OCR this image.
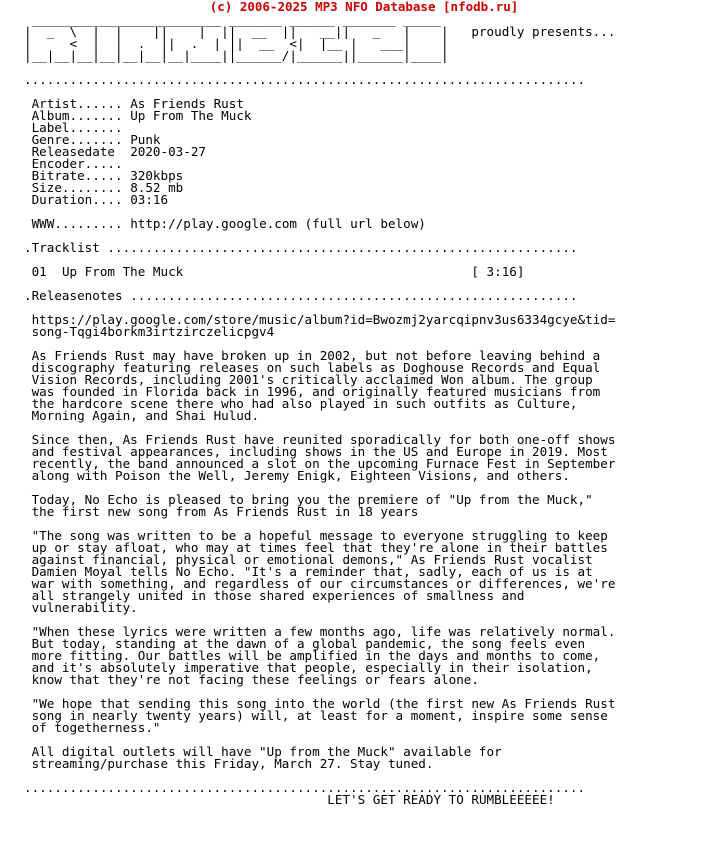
(c) 2006-2025 MP3 NFO Database [nfodb.ru]
_________________________ _______ ______ _______ _____
|  _  \  |  |    ||    |  ||  __  ||   __||   _   |    | proudly presents...
|     <  |  |  .  ||  .  | ||  __  <|  |__ |   ___|    |
|__|__|__|__|__|__|__|____||______/|______||______|____|
..........................................................................
Artist...... As Friends Rust
Album....... Up From The Muck
Label.......
Genre....... Punk
Releasedate  2020-03-27
Encoder.....
Bitrate..... 320kbps
Size........ 8.52 mb
Duration.... 03:16
WWW......... http://play.google.com (full url below)
.Tracklist ..............................................................
01 Up From The Muck	[ 3:16]
.Releasenotes ...........................................................
https://play.google.com/store/music/album?id=Bwozmj2yarcqipnv3us6334gcye&tid=
song-Tqgi4borkm3irtzirczelicpgv4
As Friends Rust may have broken up in 2002, but not before leaving behind a
discography featuring releases on such labels as Doghouse Records and Equal
Vision Records, including 2001's critically acclaimed Won album. The group
was founded in Florida back in 1996, and originally featured musicians from
the hardcore scene there who had also played in such outfits as Culture,
Morning Again, and Shai Hulud.
Since then, As Friends Rust have reunited sporadically for both one-off shows
and festival appearances, including shows in the US and Europe in 2019. Most
recently, the band announced a slot on the upcoming Furnace Fest in September
along with Poison the Well, Jeremy Enigk, Eighteen Visions, and others.
Today, No Echo is pleased to bring you the premiere of "Up from the Muck,"
the first new song from As Friends Rust in 18 years
"The song was written to be a hopeful message to everyone struggling to keep
up or stay afloat, who may at times feel that they're alone in their battles
against financial, physical or emotional demons," As Friends Rust vocalist
Damien Moyal tells No Echo. "It's a reminder that, sadly, each of us is at
war with something, and regardless of our circumstances or differences, we're
all strangely united in those shared experiences of smallness and
vulnerability.
"When these lyrics were written a few months ago, life was relatively normal.
But today, standing at the dawn of a global pandemic, the song feels even
more fitting. Our battles will be amplified in the days and months to come,
and it's absolutely imperative that people, especially in their isolation,
know that they're not facing these feelings or fears alone.
"We hope that sending this song into the world (the first new As Friends Rust
song in nearly twenty years) will, at least for a moment, inspire some sense
of togetherness."
All digital outlets will have "Up from the Muck" available for
streaming/purchase this Friday, March 27. Stay tuned.
..........................................................................
LET'S GET READY TO RUMBLEEEEE!
